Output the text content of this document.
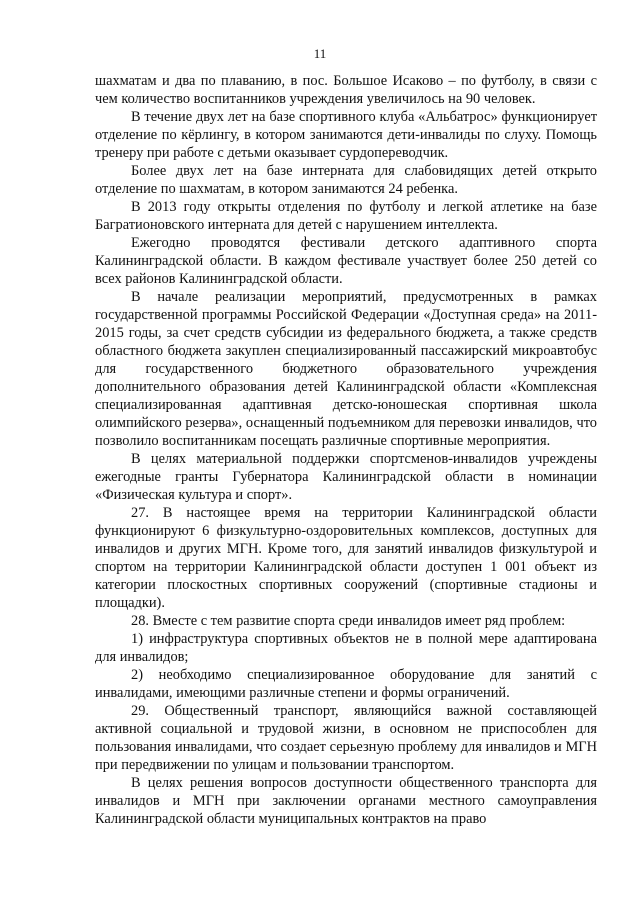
11

шахматам и два по плаванию, в пос. Большое Исаково – по футболу, в связи с чем количество воспитанников учреждения увеличилось на 90 человек.

В течение двух лет на базе спортивного клуба «Альбатрос» функционирует отделение по кёрлингу, в котором занимаются дети-инвалиды по слуху. Помощь тренеру при работе с детьми оказывает сурдопереводчик.

Более двух лет на базе интерната для слабовидящих детей открыто отделение по шахматам, в котором занимаются 24 ребенка.

В 2013 году открыты отделения по футболу и легкой атлетике на базе Багратионовского интерната для детей с нарушением интеллекта.

Ежегодно проводятся фестивали детского адаптивного спорта Калининградской области. В каждом фестивале участвует более 250 детей со всех районов Калининградской области.

В начале реализации мероприятий, предусмотренных в рамках государственной программы Российской Федерации «Доступная среда» на 2011-2015 годы, за счет средств субсидии из федерального бюджета, а также средств областного бюджета закуплен специализированный пассажирский микроавтобус для государственного бюджетного образовательного учреждения дополнительного образования детей Калининградской области «Комплексная специализированная адаптивная детско-юношеская спортивная школа олимпийского резерва», оснащенный подъемником для перевозки инвалидов, что позволило воспитанникам посещать различные спортивные мероприятия.

В целях материальной поддержки спортсменов-инвалидов учреждены ежегодные гранты Губернатора Калининградской области в номинации «Физическая культура и спорт».

27. В настоящее время на территории Калининградской области функционируют 6 физкультурно-оздоровительных комплексов, доступных для инвалидов и других МГН. Кроме того, для занятий инвалидов физкультурой и спортом на территории Калининградской области доступен 1 001 объект из категории плоскостных спортивных сооружений (спортивные стадионы и площадки).

28. Вместе с тем развитие спорта среди инвалидов имеет ряд проблем:

1) инфраструктура спортивных объектов не в полной мере адаптирована для инвалидов;

2) необходимо специализированное оборудование для занятий с инвалидами, имеющими различные степени и формы ограничений.

29. Общественный транспорт, являющийся важной составляющей активной социальной и трудовой жизни, в основном не приспособлен для пользования инвалидами, что создает серьезную проблему для инвалидов и МГН при передвижении по улицам и пользовании транспортом.

В целях решения вопросов доступности общественного транспорта для инвалидов и МГН при заключении органами местного самоуправления Калининградской области муниципальных контрактов на право
